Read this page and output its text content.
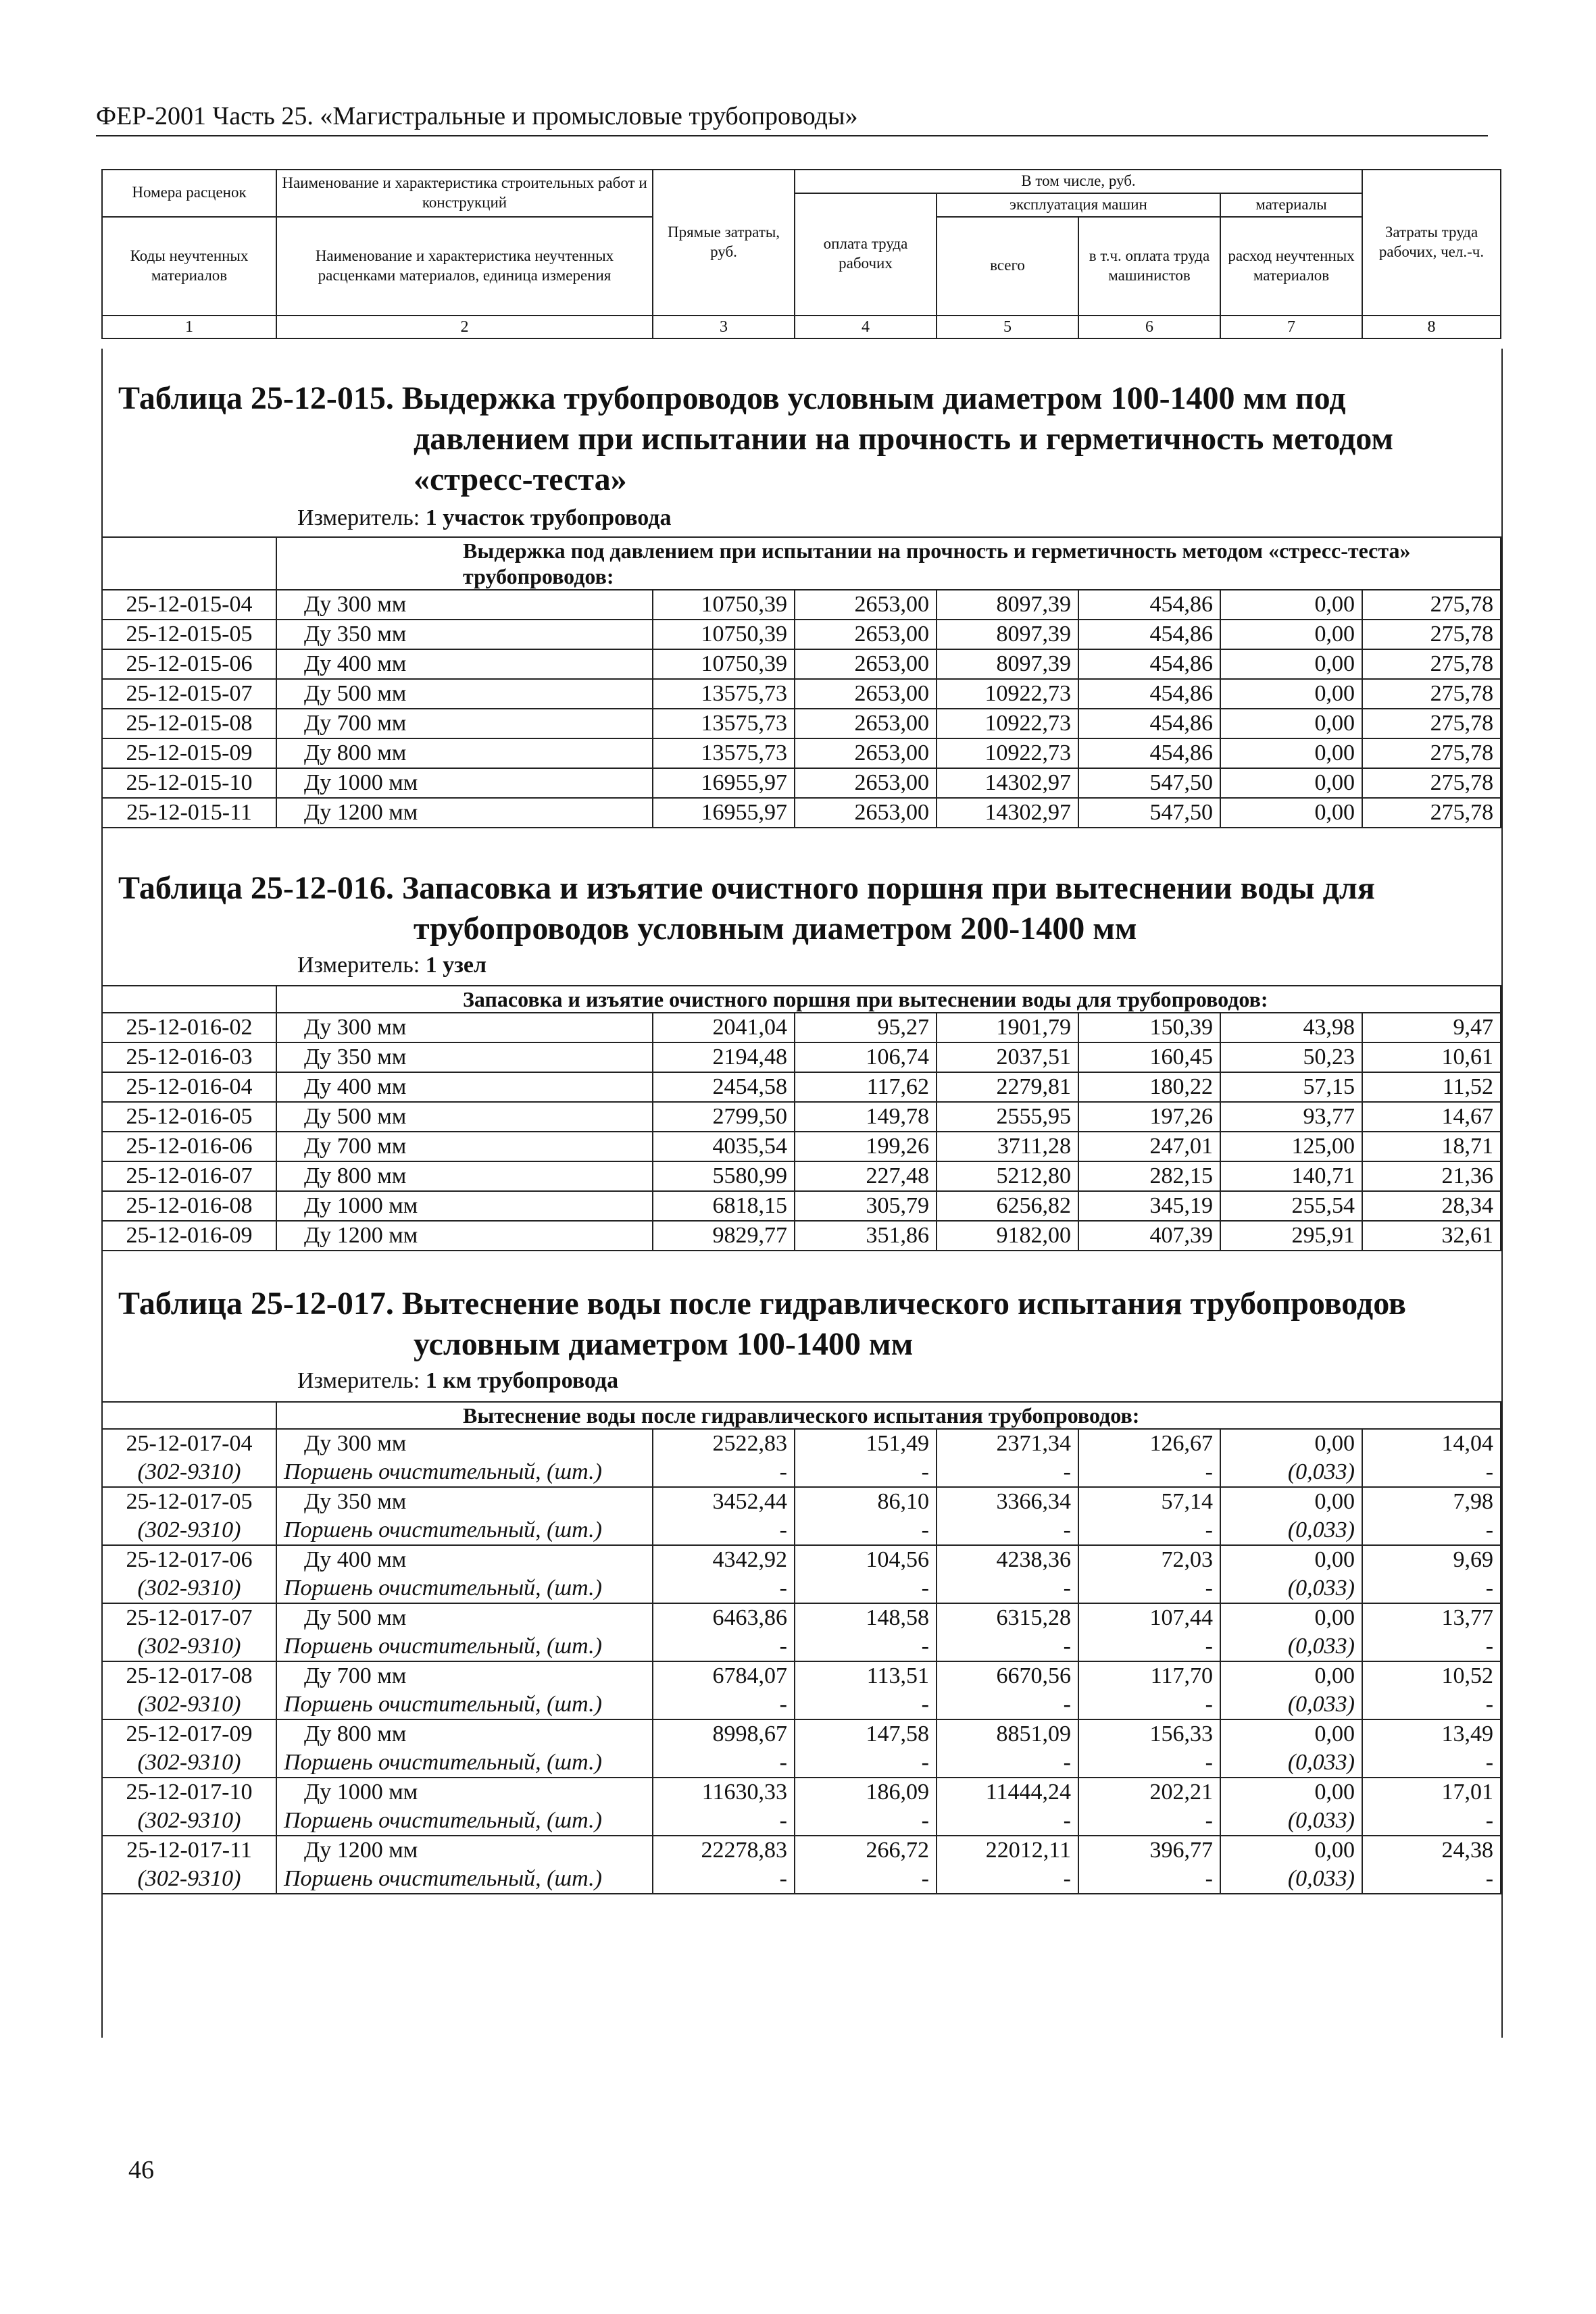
ФЕР-2001 Часть 25. «Магистральные и промысловые трубопроводы»
Номера расценок	Наименование и характеристика строительных работ и конструкций	Прямые затраты, руб.	В том числе, руб.				Затраты труда рабочих, чел.-ч.
			оплата труда рабочих	эксплуатация машин		материалы	
Коды неучтенных материалов	Наименование и характеристика неучтенных расценками материалов, единица измерения			всего	в т.ч. оплата труда машинистов	расход неучтенных материалов	

1	2	3	4	5	6	7	8
Таблица 25-12-015. Выдержка трубопроводов условным диаметром 100-1400 мм под
давлением при испытании на прочность и герметичность методом
«стресс-теста»
Измеритель: 1 участок трубопровода
	Выдержка под давлением при испытании на прочность и герметичность методом «стресс-теста» трубопроводов:						
25-12-015-04	Ду 300 мм	10750,39	2653,00	8097,39	454,86	0,00	275,78
25-12-015-05	Ду 350 мм	10750,39	2653,00	8097,39	454,86	0,00	275,78
25-12-015-06	Ду 400 мм	10750,39	2653,00	8097,39	454,86	0,00	275,78
25-12-015-07	Ду 500 мм	13575,73	2653,00	10922,73	454,86	0,00	275,78
25-12-015-08	Ду 700 мм	13575,73	2653,00	10922,73	454,86	0,00	275,78
25-12-015-09	Ду 800 мм	13575,73	2653,00	10922,73	454,86	0,00	275,78
25-12-015-10	Ду 1000 мм	16955,97	2653,00	14302,97	547,50	0,00	275,78
25-12-015-11	Ду 1200 мм	16955,97	2653,00	14302,97	547,50	0,00	275,78
Таблица 25-12-016. Запасовка и изъятие очистного поршня при вытеснении воды для
трубопроводов условным диаметром 200-1400 мм
Измеритель: 1 узел
	Запасовка и изъятие очистного поршня при вытеснении воды для трубопроводов:						
25-12-016-02	Ду 300 мм	2041,04	95,27	1901,79	150,39	43,98	9,47
25-12-016-03	Ду 350 мм	2194,48	106,74	2037,51	160,45	50,23	10,61
25-12-016-04	Ду 400 мм	2454,58	117,62	2279,81	180,22	57,15	11,52
25-12-016-05	Ду 500 мм	2799,50	149,78	2555,95	197,26	93,77	14,67
25-12-016-06	Ду 700 мм	4035,54	199,26	3711,28	247,01	125,00	18,71
25-12-016-07	Ду 800 мм	5580,99	227,48	5212,80	282,15	140,71	21,36
25-12-016-08	Ду 1000 мм	6818,15	305,79	6256,82	345,19	255,54	28,34
25-12-016-09	Ду 1200 мм	9829,77	351,86	9182,00	407,39	295,91	32,61
Таблица 25-12-017. Вытеснение воды после гидравлического испытания трубопроводов
условным диаметром 100-1400 мм
Измеритель: 1 км трубопровода
	Вытеснение воды после гидравлического испытания трубопроводов:						
25-12-017-04	Ду 300 мм	2522,83	151,49	2371,34	126,67	0,00	14,04
(302-9310)	Поршень очистительный, (шт.)	-	-	-	-	(0,033)	-
25-12-017-05	Ду 350 мм	3452,44	86,10	3366,34	57,14	0,00	7,98
(302-9310)	Поршень очистительный, (шт.)	-	-	-	-	(0,033)	-
25-12-017-06	Ду 400 мм	4342,92	104,56	4238,36	72,03	0,00	9,69
(302-9310)	Поршень очистительный, (шт.)	-	-	-	-	(0,033)	-
25-12-017-07	Ду 500 мм	6463,86	148,58	6315,28	107,44	0,00	13,77
(302-9310)	Поршень очистительный, (шт.)	-	-	-	-	(0,033)	-
25-12-017-08	Ду 700 мм	6784,07	113,51	6670,56	117,70	0,00	10,52
(302-9310)	Поршень очистительный, (шт.)	-	-	-	-	(0,033)	-
25-12-017-09	Ду 800 мм	8998,67	147,58	8851,09	156,33	0,00	13,49
(302-9310)	Поршень очистительный, (шт.)	-	-	-	-	(0,033)	-
25-12-017-10	Ду 1000 мм	11630,33	186,09	11444,24	202,21	0,00	17,01
(302-9310)	Поршень очистительный, (шт.)	-	-	-	-	(0,033)	-
25-12-017-11	Ду 1200 мм	22278,83	266,72	22012,11	396,77	0,00	24,38
(302-9310)	Поршень очистительный, (шт.)	-	-	-	-	(0,033)	-
46
